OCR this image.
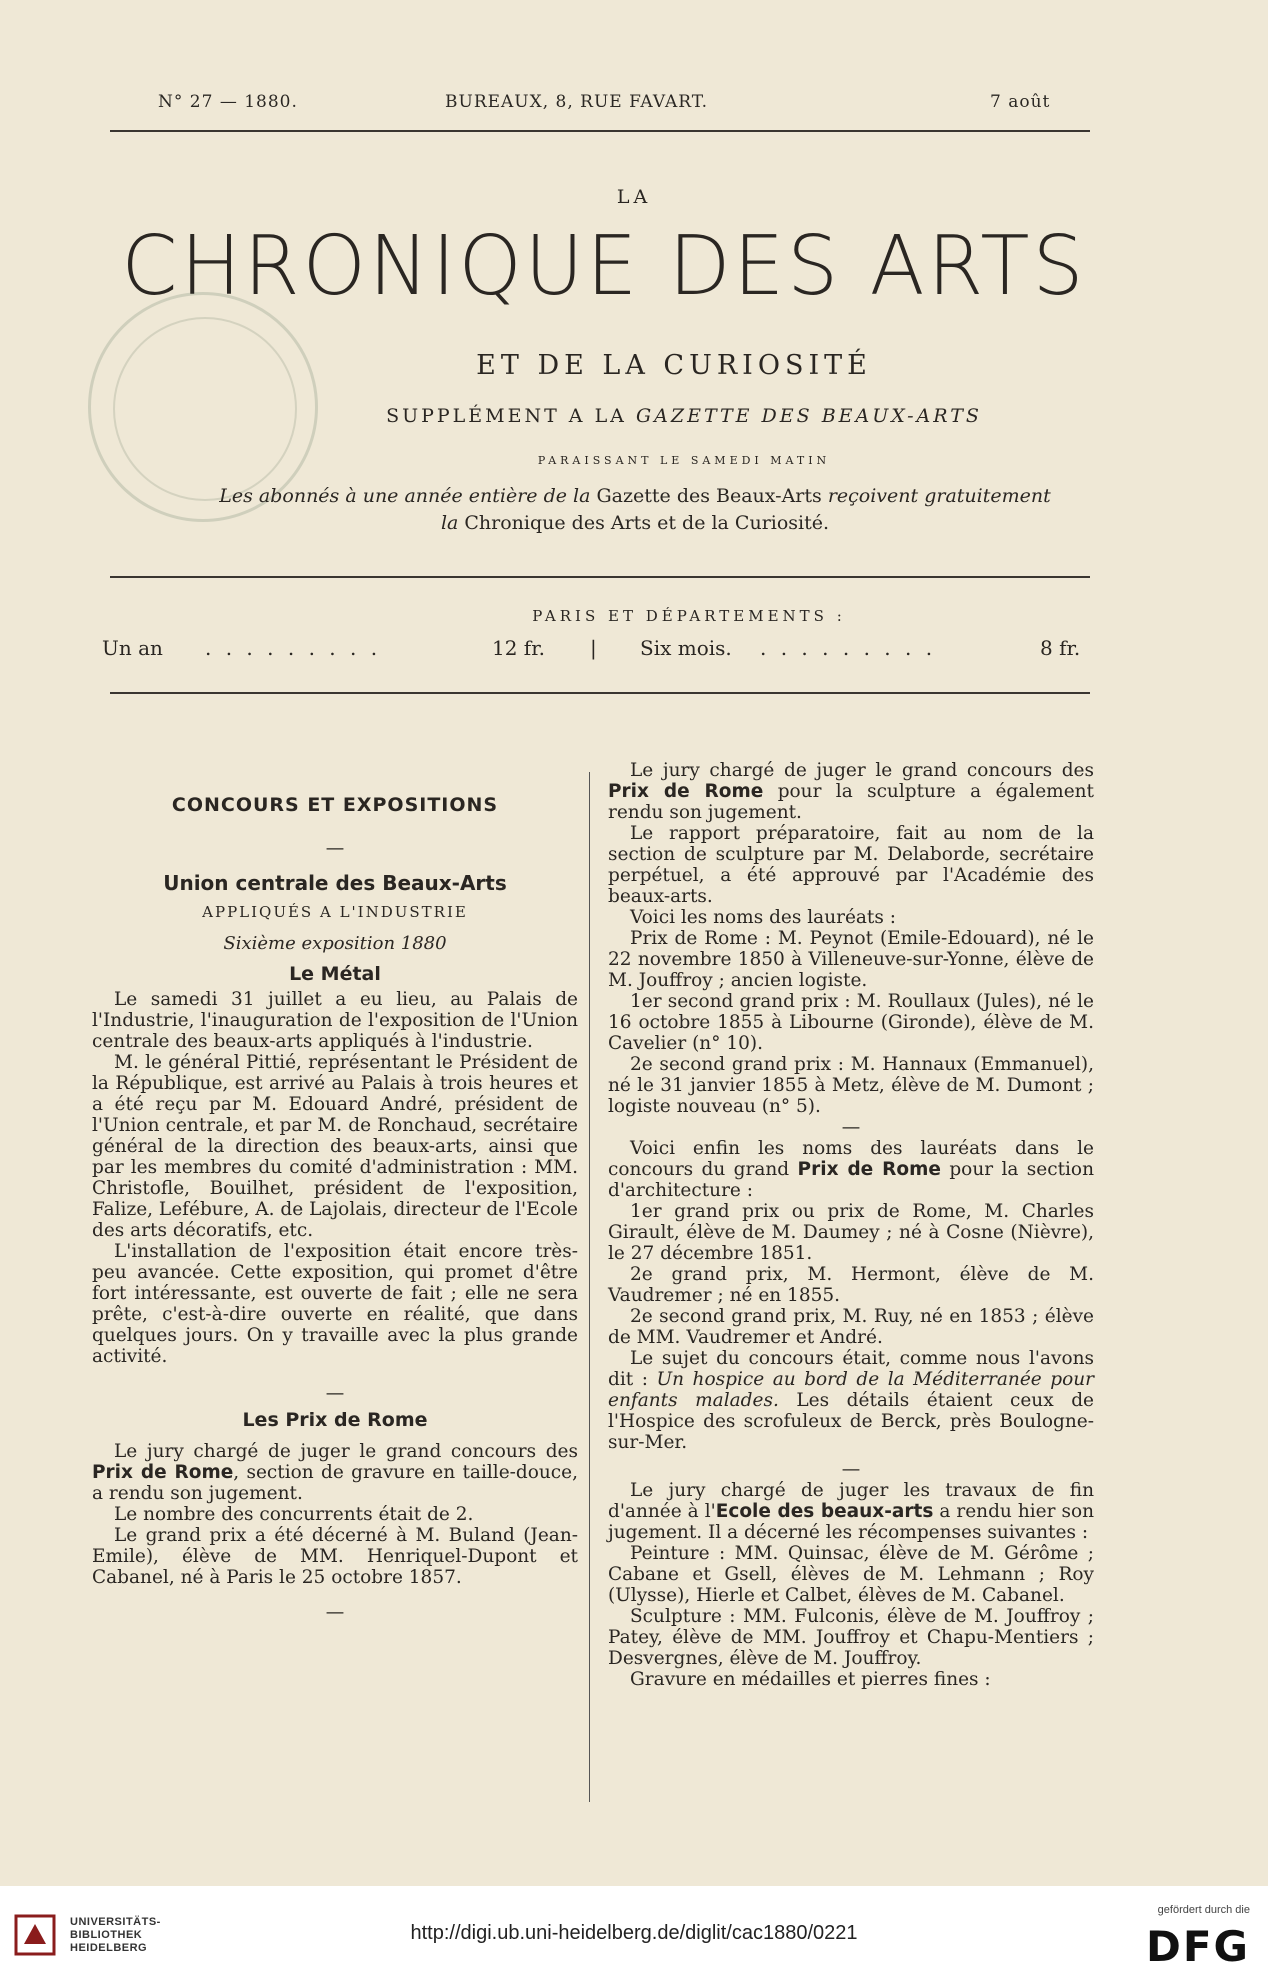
N° 27 — 1880.	BUREAUX, 8, RUE FAVART.	7 août
LA
CHRONIQUE DES ARTS
ET DE LA CURIOSITÉ
SUPPLÉMENT A LA GAZETTE DES BEAUX-ARTS
PARAISSANT LE SAMEDI MATIN
Les abonnés à une année entière de la Gazette des Beaux-Arts reçoivent gratuitement
la Chronique des Arts et de la Curiosité.
PARIS ET DÉPARTEMENTS :
Un an . . . . . . . . .	12 fr. | Six mois. . . . . . . . . .	8 fr.
CONCOURS ET EXPOSITIONS
—
Union centrale des Beaux-Arts
APPLIQUÉS A L'INDUSTRIE
Sixième exposition 1880
Le Métal

Le samedi 31 juillet a eu lieu, au Palais de l'Industrie, l'inauguration de l'exposition de l'Union centrale des beaux-arts appliqués à l'industrie.

M. le général Pittié, représentant le Président de la République, est arrivé au Palais à trois heures et a été reçu par M. Edouard André, président de l'Union centrale, et par M. de Ronchaud, secrétaire général de la direction des beaux-arts, ainsi que par les membres du comité d'administration : MM. Christofle, Bouilhet, président de l'exposition, Falize, Lefébure, A. de Lajolais, directeur de l'Ecole des arts décoratifs, etc.

L'installation de l'exposition était encore très-peu avancée. Cette exposition, qui promet d'être fort intéressante, est ouverte de fait ; elle ne sera prête, c'est-à-dire ouverte en réalité, que dans quelques jours. On y travaille avec la plus grande activité.

—
Les Prix de Rome

Le jury chargé de juger le grand concours des Prix de Rome, section de gravure en taille-douce, a rendu son jugement.

Le nombre des concurrents était de 2.

Le grand prix a été décerné à M. Buland (Jean-Emile), élève de MM. Henriquel-Dupont et Cabanel, né à Paris le 25 octobre 1857.

—

Le jury chargé de juger le grand concours des Prix de Rome pour la sculpture a également rendu son jugement.

Le rapport préparatoire, fait au nom de la section de sculpture par M. Delaborde, secrétaire perpétuel, a été approuvé par l'Académie des beaux-arts.

Voici les noms des lauréats :

Prix de Rome : M. Peynot (Emile-Edouard), né le 22 novembre 1850 à Villeneuve-sur-Yonne, élève de M. Jouffroy ; ancien logiste.

1er second grand prix : M. Roullaux (Jules), né le 16 octobre 1855 à Libourne (Gironde), élève de M. Cavelier (n° 10).

2e second grand prix : M. Hannaux (Emmanuel), né le 31 janvier 1855 à Metz, élève de M. Dumont ; logiste nouveau (n° 5).

—

Voici enfin les noms des lauréats dans le concours du grand Prix de Rome pour la section d'architecture :

1er grand prix ou prix de Rome, M. Charles Girault, élève de M. Daumey ; né à Cosne (Nièvre), le 27 décembre 1851.

2e grand prix, M. Hermont, élève de M. Vaudremer ; né en 1855.

2e second grand prix, M. Ruy, né en 1853 ; élève de MM. Vaudremer et André.

Le sujet du concours était, comme nous l'avons dit : Un hospice au bord de la Méditerranée pour enfants malades. Les détails étaient ceux de l'Hospice des scrofuleux de Berck, près Boulogne-sur-Mer.

—

Le jury chargé de juger les travaux de fin d'année à l'Ecole des beaux-arts a rendu hier son jugement. Il a décerné les récompenses suivantes :

Peinture : MM. Quinsac, élève de M. Gérôme ; Cabane et Gsell, élèves de M. Lehmann ; Roy (Ulysse), Hierle et Calbet, élèves de M. Cabanel.

Sculpture : MM. Fulconis, élève de M. Jouffroy ; Patey, élève de MM. Jouffroy et Chapu-Mentiers ; Desvergnes, élève de M. Jouffroy.

Gravure en médailles et pierres fines :

UNIVERSITÄTS-
BIBLIOTHEK
HEIDELBERG
http://digi.ub.uni-heidelberg.de/diglit/cac1880/0221
gefördert durch die
DFG
